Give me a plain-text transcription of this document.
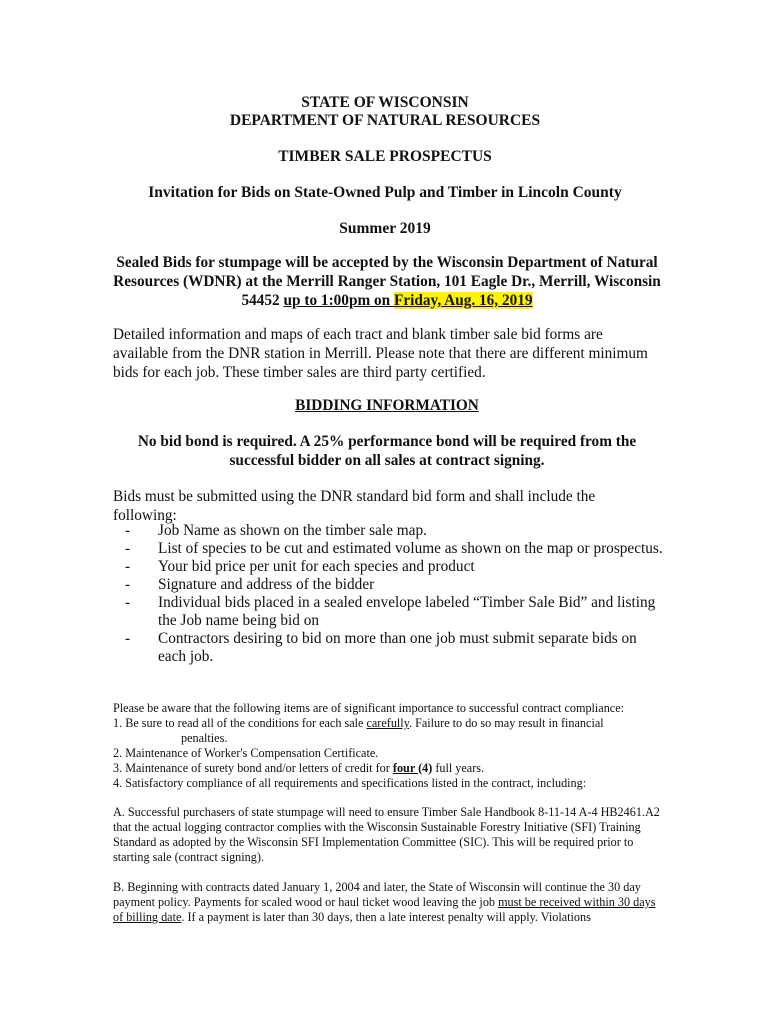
STATE OF WISCONSIN
DEPARTMENT OF NATURAL RESOURCES
TIMBER SALE PROSPECTUS
Invitation for Bids on State-Owned Pulp and Timber in Lincoln County
Summer 2019
Sealed Bids for stumpage will be accepted by the Wisconsin Department of Natural Resources (WDNR) at the Merrill Ranger Station, 101 Eagle Dr., Merrill, Wisconsin 54452 up to 1:00pm on Friday, Aug. 16, 2019
Detailed information and maps of each tract and blank timber sale bid forms are available from the DNR station in Merrill. Please note that there are different minimum bids for each job. These timber sales are third party certified.
BIDDING INFORMATION
No bid bond is required. A 25% performance bond will be required from the successful bidder on all sales at contract signing.
Bids must be submitted using the DNR standard bid form and shall include the following:
- Job Name as shown on the timber sale map.
- List of species to be cut and estimated volume as shown on the map or prospectus.
- Your bid price per unit for each species and product
- Signature and address of the bidder
- Individual bids placed in a sealed envelope labeled “Timber Sale Bid” and listing the Job name being bid on
- Contractors desiring to bid on more than one job must submit separate bids on each job.
Please be aware that the following items are of significant importance to successful contract compliance:
1. Be sure to read all of the conditions for each sale carefully. Failure to do so may result in financial
penalties.
2. Maintenance of Worker's Compensation Certificate.
3. Maintenance of surety bond and/or letters of credit for four (4) full years.
4. Satisfactory compliance of all requirements and specifications listed in the contract, including:
A. Successful purchasers of state stumpage will need to ensure Timber Sale Handbook 8-11-14 A-4 HB2461.A2 that the actual logging contractor complies with the Wisconsin Sustainable Forestry Initiative (SFI) Training Standard as adopted by the Wisconsin SFI Implementation Committee (SIC). This will be required prior to starting sale (contract signing).
B. Beginning with contracts dated January 1, 2004 and later, the State of Wisconsin will continue the 30 day payment policy. Payments for scaled wood or haul ticket wood leaving the job must be received within 30 days of billing date. If a payment is later than 30 days, then a late interest penalty will apply. Violations
